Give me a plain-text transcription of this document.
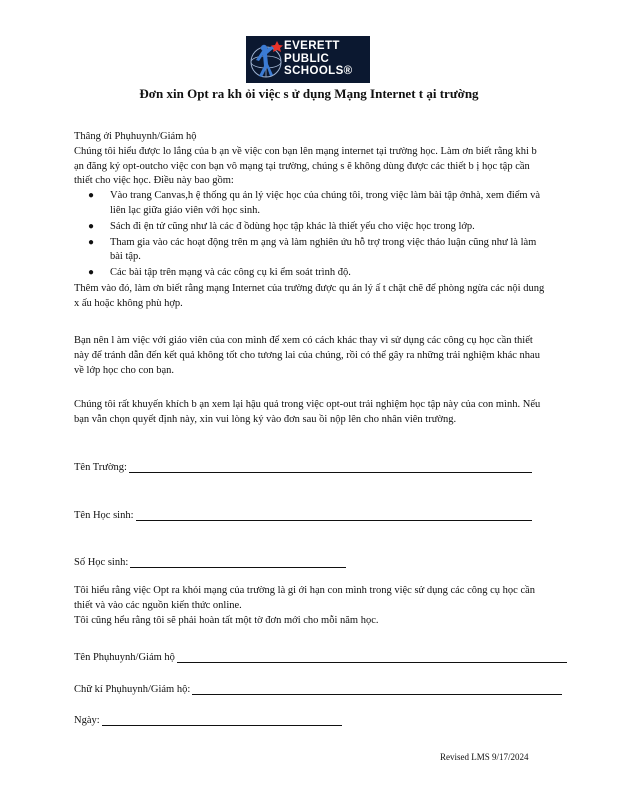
EVERETT
PUBLIC
SCHOOLS®
Đơn xin Opt ra kh ỏi việc s ử dụng Mạng Internet t ại trường

Thâng ởi Phụhuynh/Giám hộ

Chúng tôi hiểu được lo lắng của b ạn về việc con bạn lên mạng internet tại trường học. Làm ơn biết rằng khi b ạn đăng ký opt-outcho việc con bạn vô mạng tại trường, chúng s ẽ không dùng được các thiết b ị học tập cần thiết cho việc học. Điều này bao gồm:

● Vào trang Canvas,h ệ thống qu ản lý việc học của chúng tôi, trong việc làm bài tập ởnhà, xem điểm và liên lạc giữa giáo viên với học sinh.
● Sách đi ện tử cũng như là các đ ồdùng học tập khác là thiết yếu cho việc học trong lớp.
● Tham gia vào các hoạt động trên m ạng và làm nghiên ứu hỗ trợ trong việc thảo luận cũng như là làm bài tập.
● Các bài tập trên mạng và các công cụ ki ểm soát trình độ.

Thêm vào đó, làm ơn biết rằng mạng Internet của trường được qu ản lý ấ t chặt chẽ để phòng ngừa các nội dung x ấu hoặc không phù hợp.

Bạn nên l àm việc với giáo viên của con mình để xem có cách khác thay vì sử dụng các công cụ học cần thiết này để tránh dẫn đến kết quả không tốt cho tương lai của chúng, rồi có thể gây ra những trải nghiệm khác nhau về lớp học cho con bạn.
Chúng tôi rất khuyến khích b ạn xem lại hậu quả trong việc opt-out trải nghiệm học tập này của con mình. Nếu bạn vẫn chọn quyết định này, xin vui lòng ký vào đơn sau ồi nộp lên cho nhân viên trường.
Tên Trường:
Tên Học sinh:
Số Học sinh:

Tôi hiểu rằng việc Opt ra khỏi mạng của trường là gi ới hạn con mình trong việc sử dụng các công cụ học cần thiết và vào các nguồn kiến thức online.

Tôi cũng hểu rằng tôi sẽ phải hoàn tất một tờ đơn mới cho mỗi năm học.

Tên Phụhuynh/Giám hộ
Chữ kí Phụhuynh/Giám hộ:
Ngày:
Revised LMS 9/17/2024
